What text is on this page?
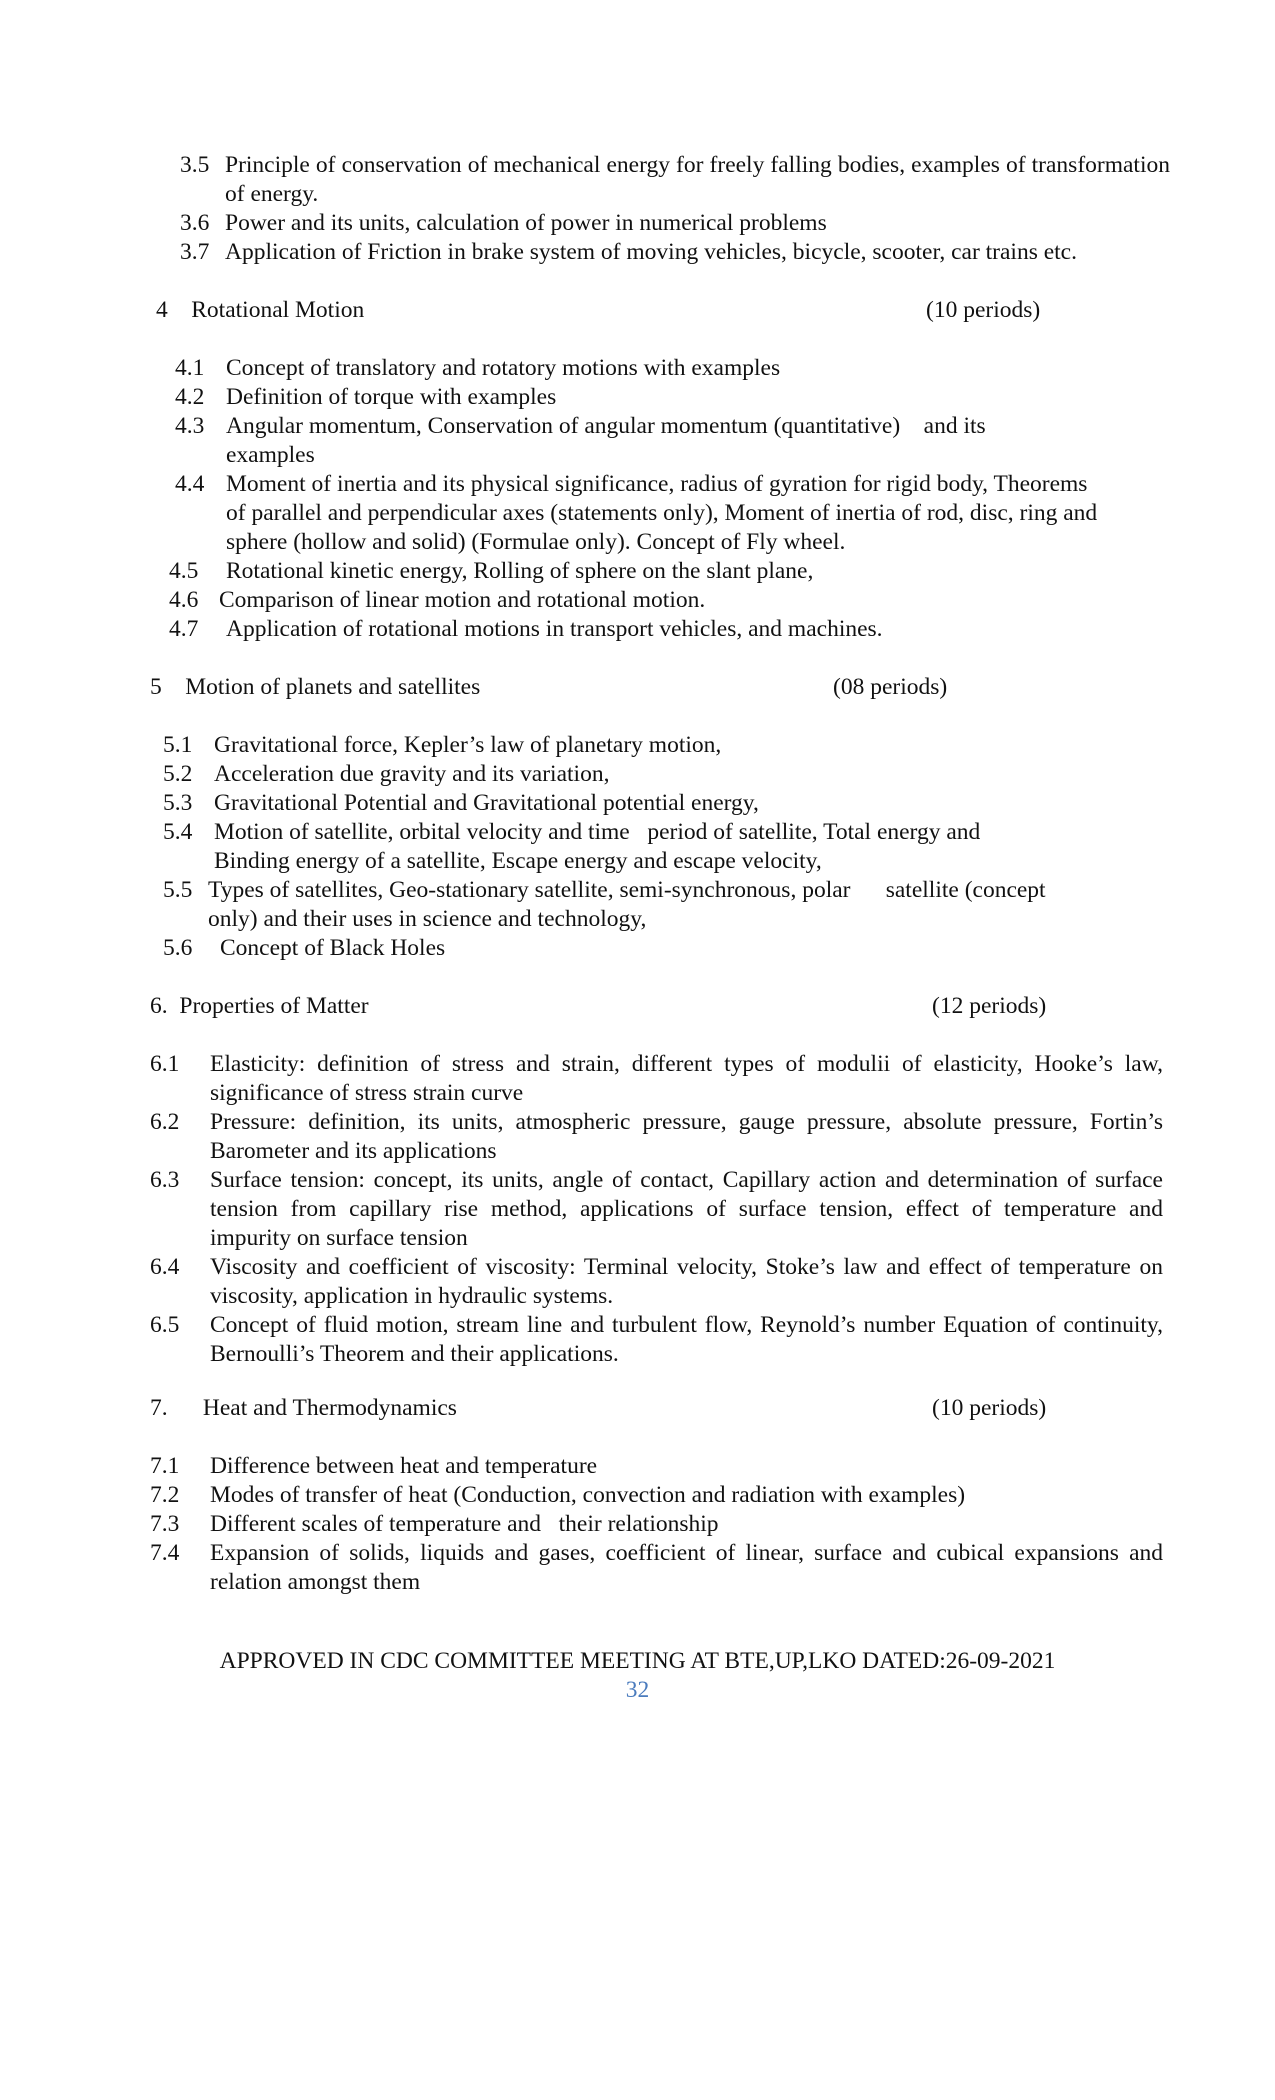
3.5 Principle of conservation of mechanical energy for freely falling bodies, examples of transformation of energy.
3.6 Power and its units, calculation of power in numerical problems
3.7 Application of Friction in brake system of moving vehicles, bicycle, scooter, car trains etc.
4    Rotational Motion	(10 periods)
4.1 Concept of translatory and rotatory motions with examples
4.2 Definition of torque with examples
4.3 Angular momentum, Conservation of angular momentum (quantitative)    and its examples
4.4 Moment of inertia and its physical significance, radius of gyration for rigid body, Theorems of parallel and perpendicular axes (statements only), Moment of inertia of rod, disc, ring and sphere (hollow and solid) (Formulae only). Concept of Fly wheel.
4.5	Rotational kinetic energy, Rolling of sphere on the slant plane,
4.6 Comparison of linear motion and rotational motion.
4.7	Application of rotational motions in transport vehicles, and machines.
5    Motion of planets and satellites	(08 periods)
5.1 Gravitational force, Kepler’s law of planetary motion,
5.2 Acceleration due gravity and its variation,
5.3 Gravitational Potential and Gravitational potential energy,
5.4 Motion of satellite, orbital velocity and time   period of satellite, Total energy and Binding energy of a satellite, Escape energy and escape velocity,
5.5 Types of satellites, Geo-stationary satellite, semi-synchronous, polar      satellite (concept only) and their uses in science and technology,
5.6	Concept of Black Holes
6.  Properties of Matter	(12 periods)
6.1	Elasticity: definition of stress and strain, different types of modulii of elasticity, Hooke’s law, significance of stress strain curve
6.2	Pressure: definition, its units, atmospheric pressure, gauge pressure, absolute pressure, Fortin’s Barometer and its applications
6.3	Surface tension: concept, its units, angle of contact, Capillary action and determination of surface tension from capillary rise method, applications of surface tension, effect of temperature and impurity on surface tension
6.4	Viscosity and coefficient of viscosity: Terminal velocity, Stoke’s law and effect of temperature on viscosity, application in hydraulic systems.
6.5	Concept of fluid motion, stream line and turbulent flow, Reynold’s number Equation of continuity, Bernoulli’s Theorem and their applications.
7.      Heat and Thermodynamics	(10 periods)
7.1	Difference between heat and temperature
7.2	Modes of transfer of heat (Conduction, convection and radiation with examples)
7.3	Different scales of temperature and   their relationship
7.4	Expansion of solids, liquids and gases, coefficient of linear, surface and cubical expansions and relation amongst them
APPROVED IN CDC COMMITTEE MEETING AT BTE,UP,LKO DATED:26-09-2021
32
